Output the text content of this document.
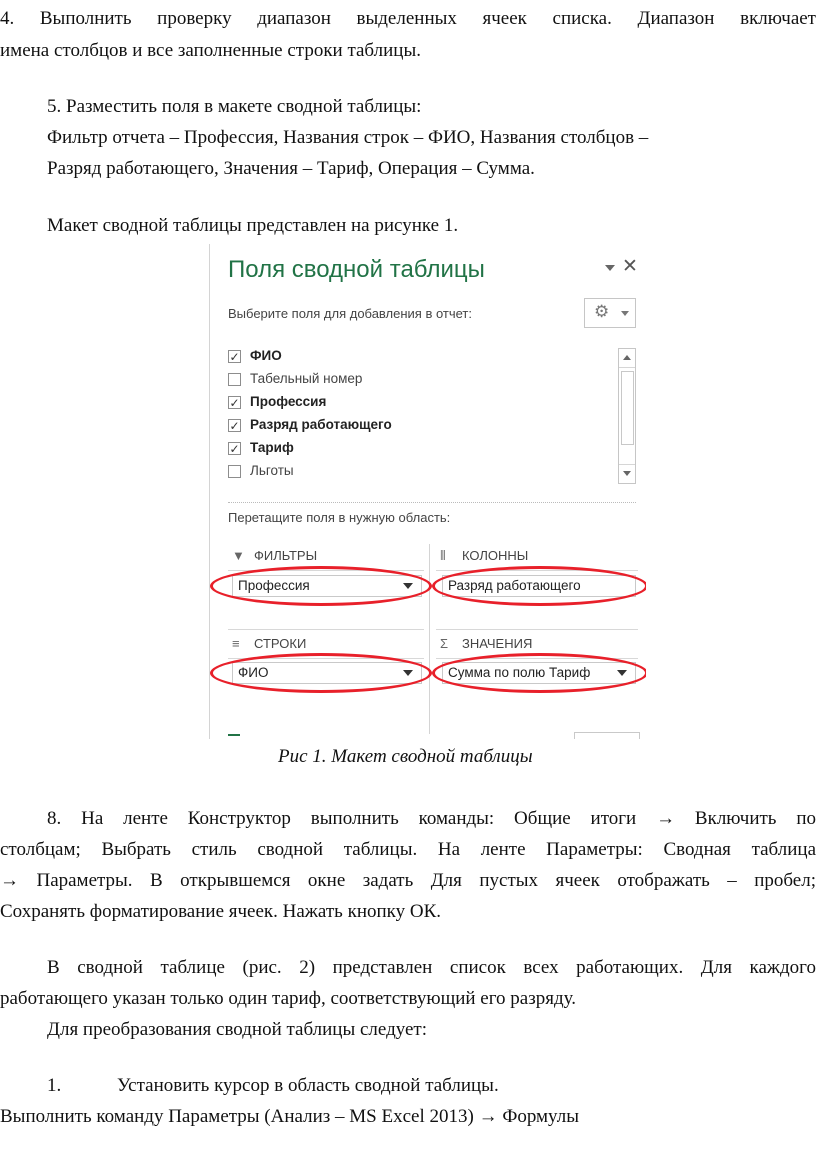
4. Выполнить проверку диапазон выделенных ячеек списка. Диапазон включает
имена столбцов и все заполненные строки таблицы.
5. Разместить поля в макете сводной таблицы:
Фильтр отчета – Профессия, Названия строк – ФИО, Названия столбцов –
Разряд работающего, Значения – Тариф, Операция – Сумма.
Макет сводной таблицы представлен на рисунке 1.
Поля сводной таблицы	✕
Выберите поля для добавления в отчет:	⚙
✓ ФИО
Табельный номер
✓ Профессия
✓ Разряд работающего
✓ Тариф
Льготы
Перетащите поля в нужную область:
▼ ФИЛЬТРЫ
Профессия
⦀ КОЛОННЫ
Разряд работающего
≡ СТРОКИ
ФИО
Σ ЗНАЧЕНИЯ
Сумма по полю Тариф
Рис 1. Макет сводной таблицы
8. На ленте Конструктор выполнить команды: Общие итоги → Включить по
столбцам; Выбрать стиль сводной таблицы. На ленте Параметры: Сводная таблица
→ Параметры. В открывшемся окне задать Для пустых ячеек отображать – пробел;
Сохранять форматирование ячеек. Нажать кнопку ОК.
В сводной таблице (рис. 2) представлен список всех работающих. Для каждого
работающего указан только один тариф, соответствующий его разряду.
Для преобразования сводной таблицы следует:
1.	Установить курсор в область сводной таблицы.
Выполнить команду Параметры (Анализ – MS Excel 2013) → Формулы
